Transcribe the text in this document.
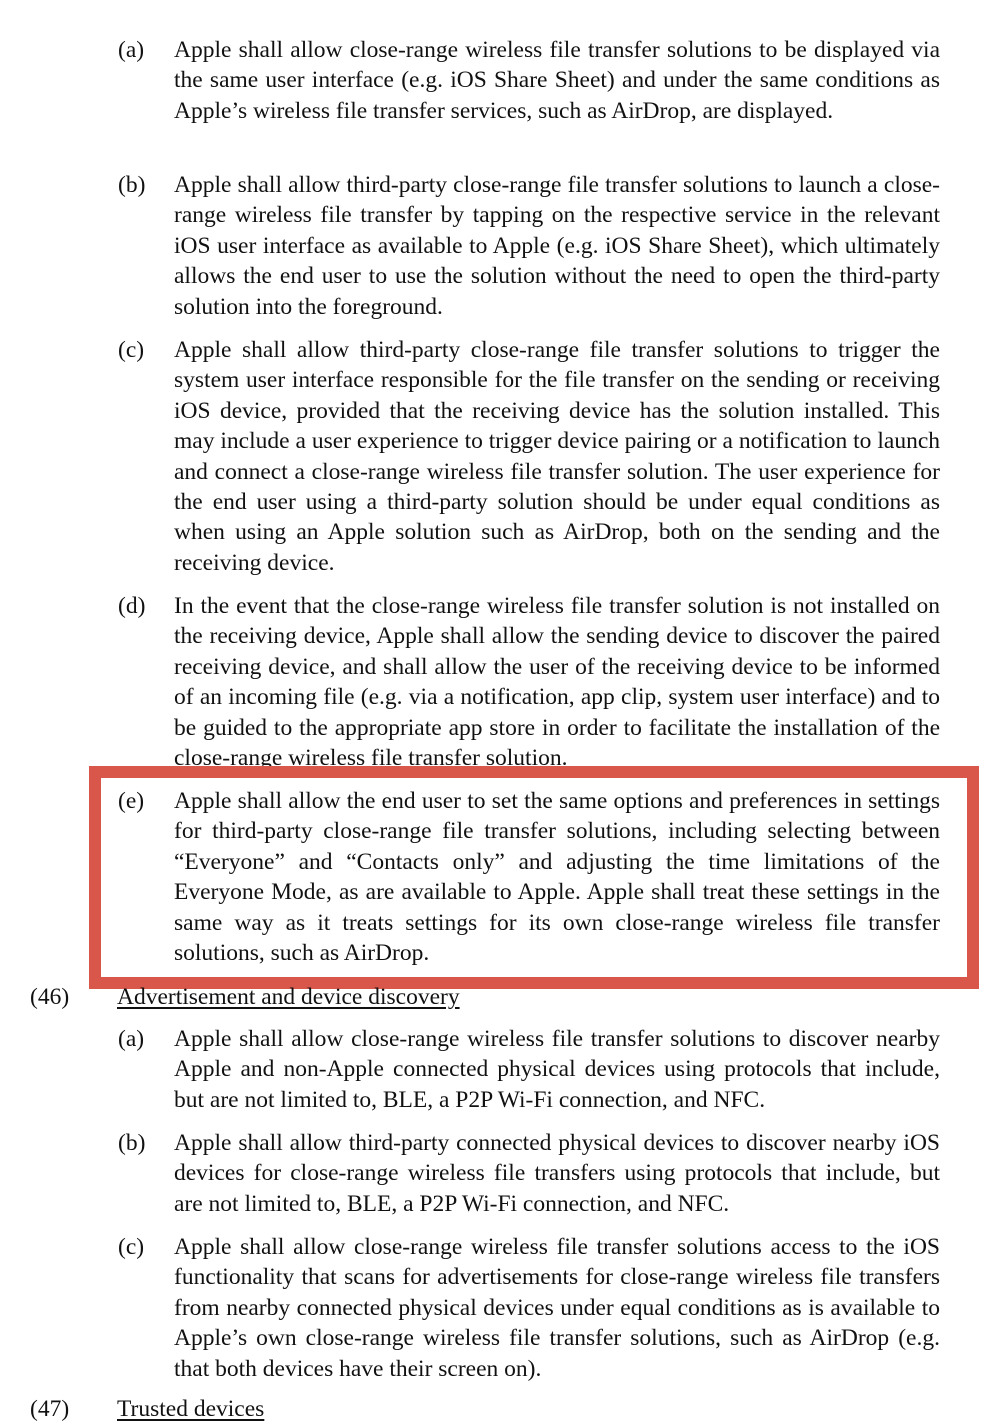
(a)	Apple shall allow close-range wireless file transfer solutions to be displayed via the same user interface (e.g. iOS Share Sheet) and under the same conditions as Apple’s wireless file transfer services, such as AirDrop, are displayed.
(b)	Apple shall allow third-party close-range file transfer solutions to launch a close-range wireless file transfer by tapping on the respective service in the relevant iOS user interface as available to Apple (e.g. iOS Share Sheet), which ultimately allows the end user to use the solution without the need to open the third-party solution into the foreground.
(c)	Apple shall allow third-party close-range file transfer solutions to trigger the system user interface responsible for the file transfer on the sending or receiving iOS device, provided that the receiving device has the solution installed. This may include a user experience to trigger device pairing or a notification to launch and connect a close-range wireless file transfer solution. The user experience for the end user using a third-party solution should be under equal conditions as when using an Apple solution such as AirDrop, both on the sending and the receiving device.
(d)	In the event that the close-range wireless file transfer solution is not installed on the receiving device, Apple shall allow the sending device to discover the paired receiving device, and shall allow the user of the receiving device to be informed of an incoming file (e.g. via a notification, app clip, system user interface) and to be guided to the appropriate app store in order to facilitate the installation of the close-range wireless file transfer solution.
(e)	Apple shall allow the end user to set the same options and preferences in settings for third-party close-range file transfer solutions, including selecting between “Everyone” and “Contacts only” and adjusting the time limitations of the Everyone Mode, as are available to Apple. Apple shall treat these settings in the same way as it treats settings for its own close-range wireless file transfer solutions, such as AirDrop.
(46) Advertisement and device discovery
(a)	Apple shall allow close-range wireless file transfer solutions to discover nearby Apple and non-Apple connected physical devices using protocols that include, but are not limited to, BLE, a P2P Wi-Fi connection, and NFC.
(b)	Apple shall allow third-party connected physical devices to discover nearby iOS devices for close-range wireless file transfers using protocols that include, but are not limited to, BLE, a P2P Wi-Fi connection, and NFC.
(c)	Apple shall allow close-range wireless file transfer solutions access to the iOS functionality that scans for advertisements for close-range wireless file transfers from nearby connected physical devices under equal conditions as is available to Apple’s own close-range wireless file transfer solutions, such as AirDrop (e.g. that both devices have their screen on).
(47) Trusted devices
